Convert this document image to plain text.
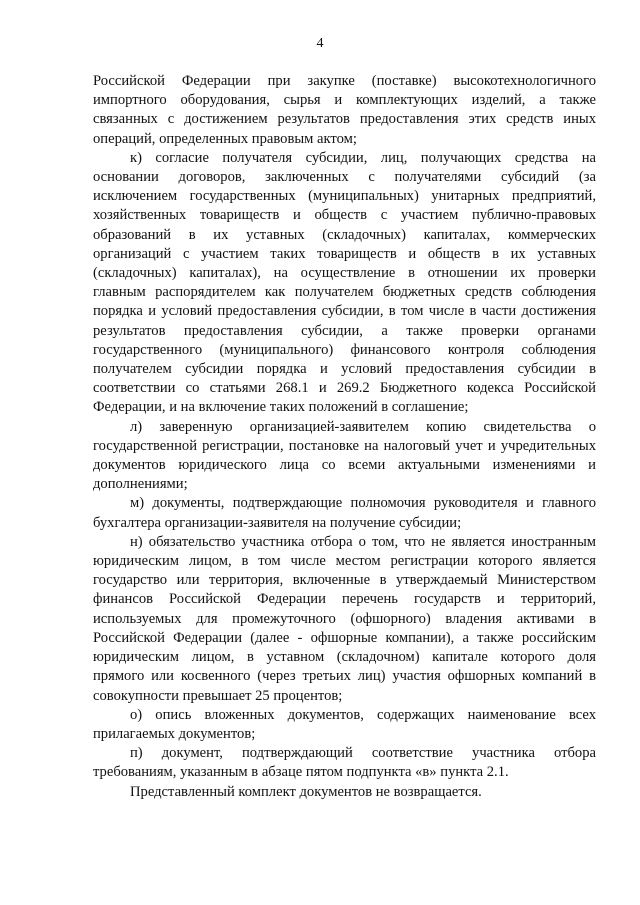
4

Российской Федерации при закупке (поставке) высокотехнологичного
импортного оборудования, сырья и комплектующих изделий, а также
связанных с достижением результатов предоставления этих средств иных
операций, определенных правовым актом;

к) согласие получателя субсидии, лиц, получающих средства на
основании договоров, заключенных с получателями субсидий (за
исключением государственных (муниципальных) унитарных предприятий,
хозяйственных товариществ и обществ с участием публично-правовых
образований в их уставных (складочных) капиталах, коммерческих
организаций с участием таких товариществ и обществ в их уставных
(складочных) капиталах), на осуществление в отношении их проверки
главным распорядителем как получателем бюджетных средств соблюдения
порядка и условий предоставления субсидии, в том числе в части достижения
результатов предоставления субсидии, а также проверки органами
государственного (муниципального) финансового контроля соблюдения
получателем субсидии порядка и условий предоставления субсидии в
соответствии со статьями 268.1 и 269.2 Бюджетного кодекса Российской
Федерации, и на включение таких положений в соглашение;

л) заверенную организацией-заявителем копию свидетельства о
государственной регистрации, постановке на налоговый учет и учредительных
документов юридического лица со всеми актуальными изменениями и
дополнениями;

м) документы, подтверждающие полномочия руководителя и главного
бухгалтера организации-заявителя на получение субсидии;

н) обязательство участника отбора о том, что не является иностранным
юридическим лицом, в том числе местом регистрации которого является
государство или территория, включенные в утверждаемый Министерством
финансов Российской Федерации перечень государств и территорий,
используемых для промежуточного (офшорного) владения активами в
Российской Федерации (далее - офшорные компании), а также российским
юридическим лицом, в уставном (складочном) капитале которого доля
прямого или косвенного (через третьих лиц) участия офшорных компаний в
совокупности превышает 25 процентов;

о) опись вложенных документов, содержащих наименование всех
прилагаемых документов;

п) документ, подтверждающий соответствие участника отбора
требованиям, указанным в абзаце пятом подпункта «в» пункта 2.1.

Представленный комплект документов не возвращается.
